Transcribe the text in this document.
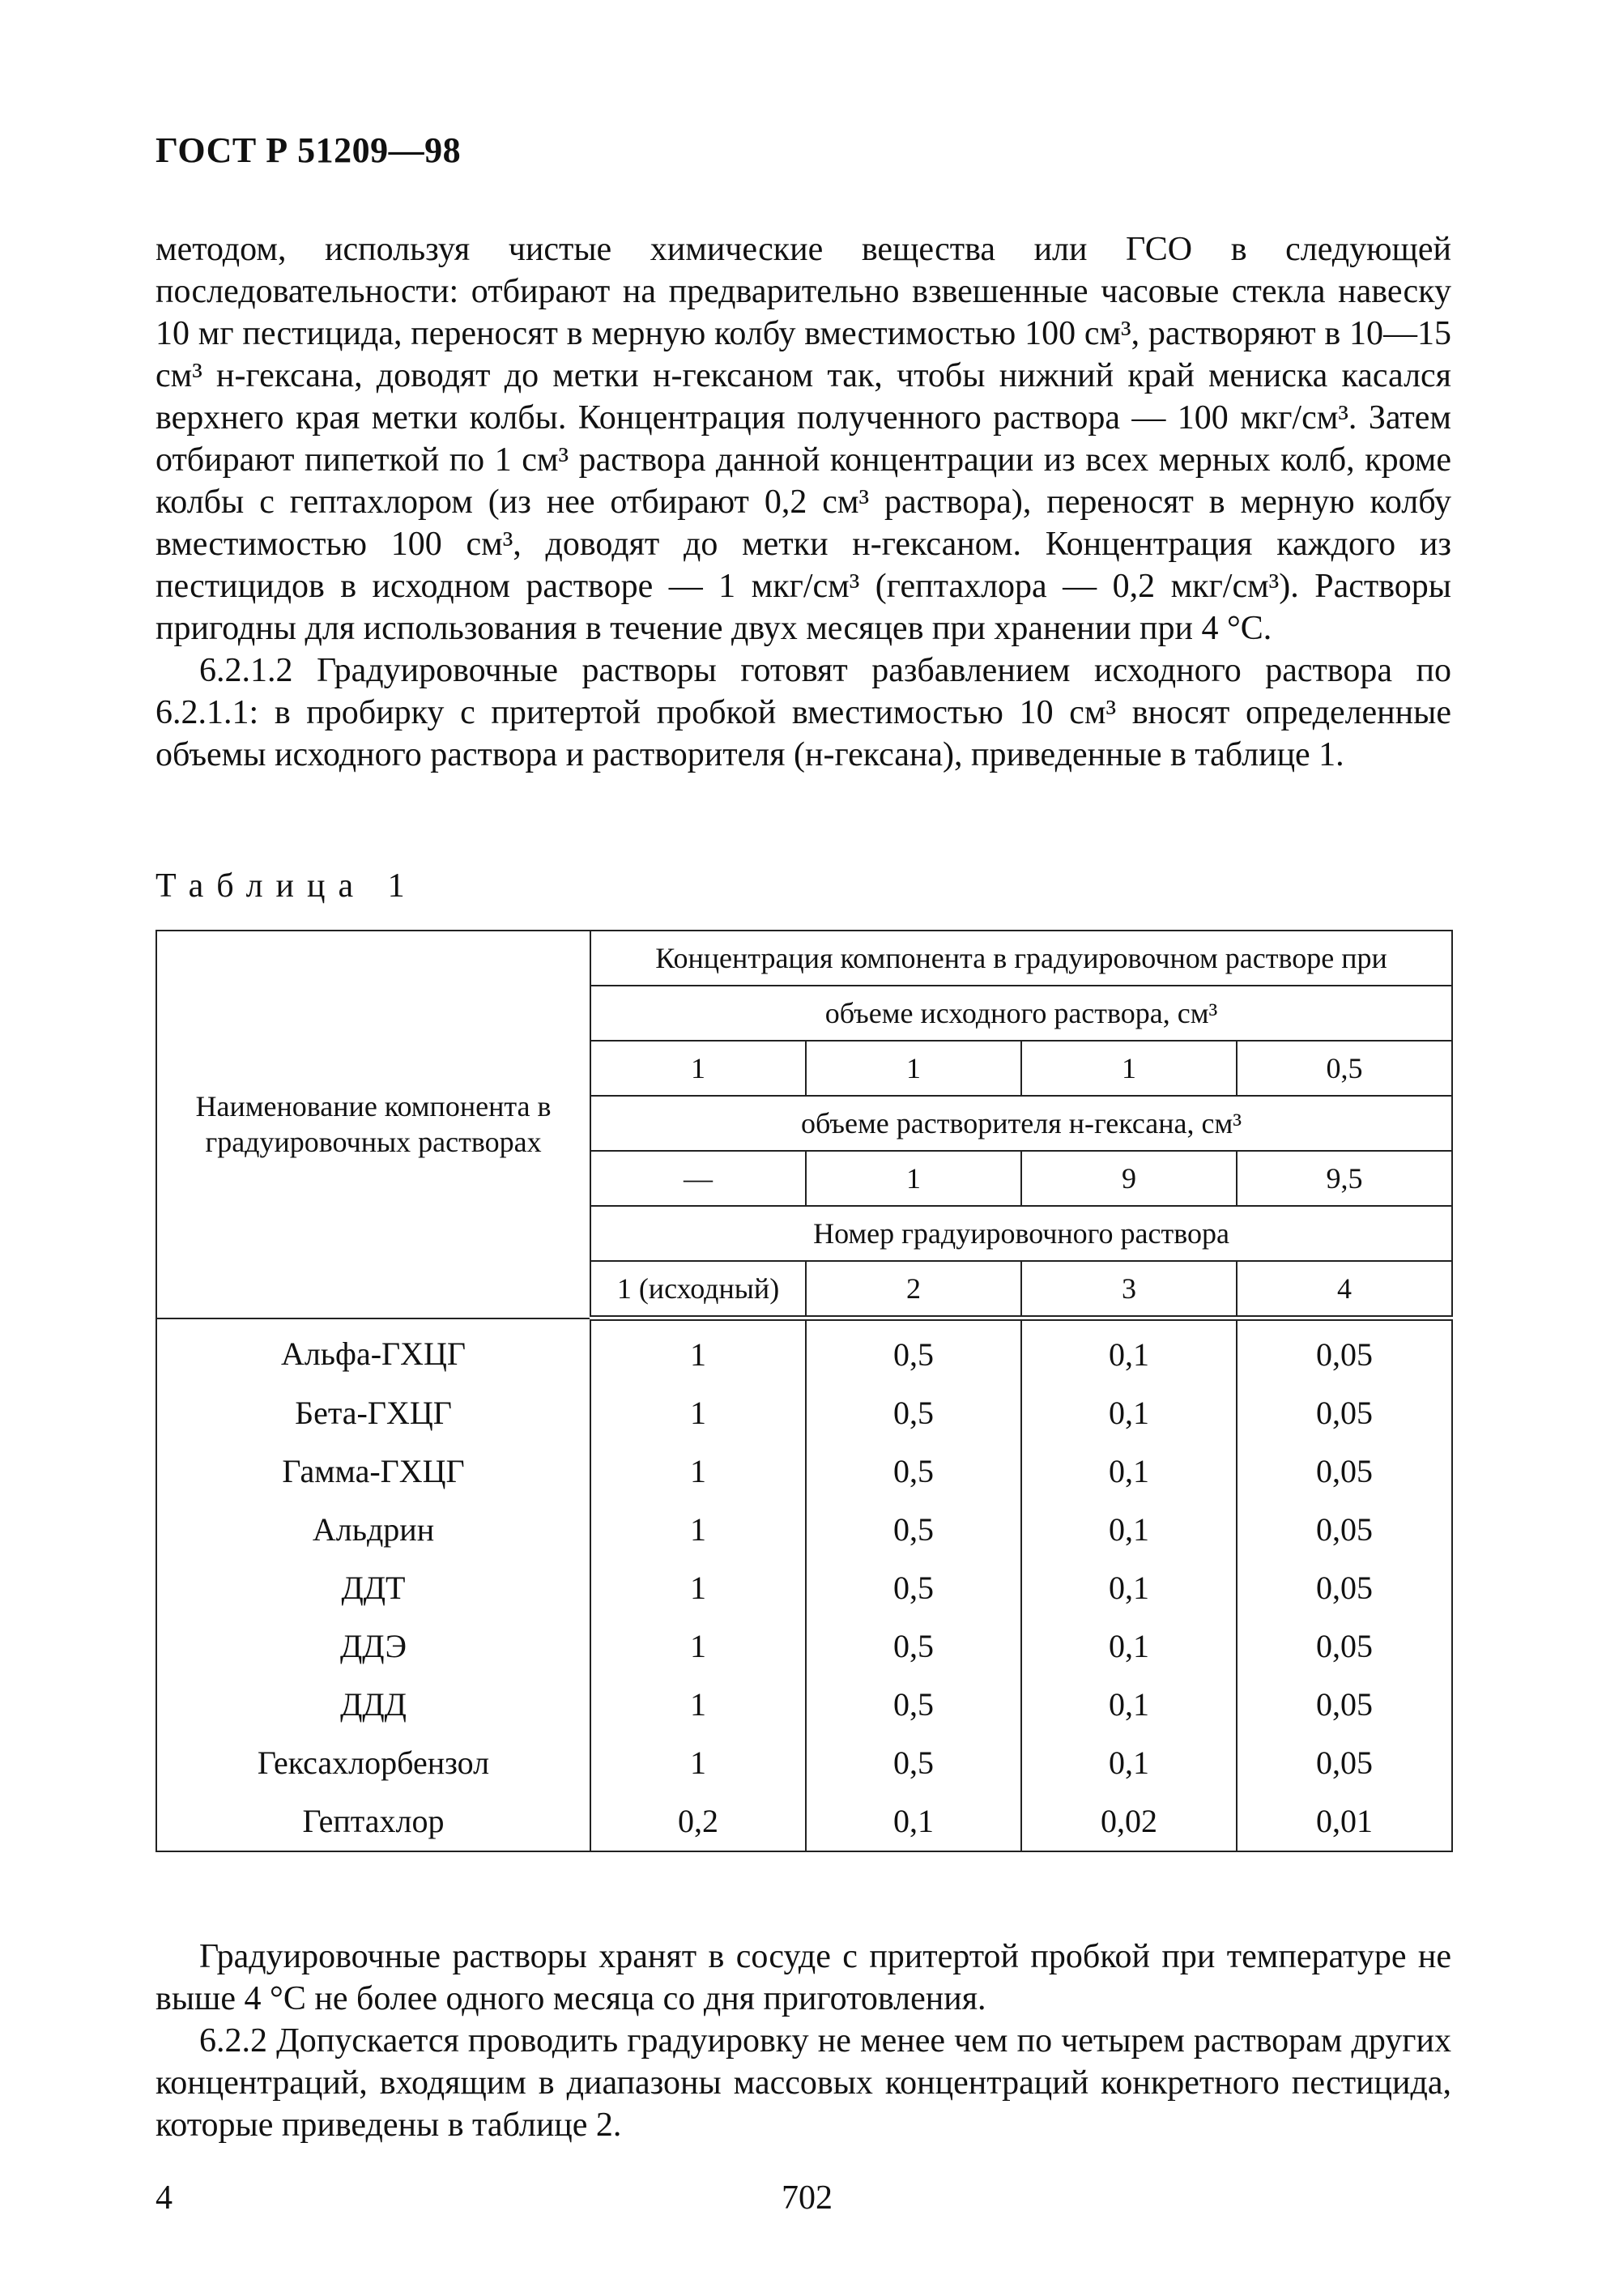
ГОСТ Р 51209—98

методом, используя чистые химические вещества или ГСО в следующей последовательности: отбирают на предварительно взвешенные часовые стекла навеску 10 мг пестицида, переносят в мерную колбу вместимостью 100 см³, растворяют в 10—15 см³ н-гексана, доводят до метки н-гексаном так, чтобы нижний край мениска касался верхнего края метки колбы. Концентрация полученного раствора — 100 мкг/см³. Затем отбирают пипеткой по 1 см³ раствора данной концентрации из всех мерных колб, кроме колбы с гептахлором (из нее отбирают 0,2 см³ раствора), переносят в мерную колбу вместимостью 100 см³, доводят до метки н-гексаном. Концентрация каждого из пестицидов в исходном растворе — 1 мкг/см³ (гептахлора — 0,2 мкг/см³). Растворы пригодны для использования в течение двух месяцев при хранении при 4 °С.

6.2.1.2 Градуировочные растворы готовят разбавлением исходного раствора по 6.2.1.1: в пробирку с притертой пробкой вместимостью 10 см³ вносят определенные объемы исходного раствора и растворителя (н-гексана), приведенные в таблице 1.

Таблица 1
Наименование компонента в градуировочных растворах	Концентрация компонента в градуировочном растворе при			
	объеме исходного раствора, см³			
	1	1	1	0,5
	объеме растворителя н-гексана, см³			
	—	1	9	9,5
	Номер градуировочного раствора			
	1 (исходный)	2	3	4
Альфа-ГХЦГ	1	0,5	0,1	0,05
Бета-ГХЦГ	1	0,5	0,1	0,05
Гамма-ГХЦГ	1	0,5	0,1	0,05
Альдрин	1	0,5	0,1	0,05
ДДТ	1	0,5	0,1	0,05
ДДЭ	1	0,5	0,1	0,05
ДДД	1	0,5	0,1	0,05
Гексахлорбензол	1	0,5	0,1	0,05
Гептахлор	0,2	0,1	0,02	0,01

Градуировочные растворы хранят в сосуде с притертой пробкой при температуре не выше 4 °С не более одного месяца со дня приготовления.

6.2.2 Допускается проводить градуировку не менее чем по четырем растворам других концентраций, входящим в диапазоны массовых концентраций конкретного пестицида, которые приведены в таблице 2.

4	702
